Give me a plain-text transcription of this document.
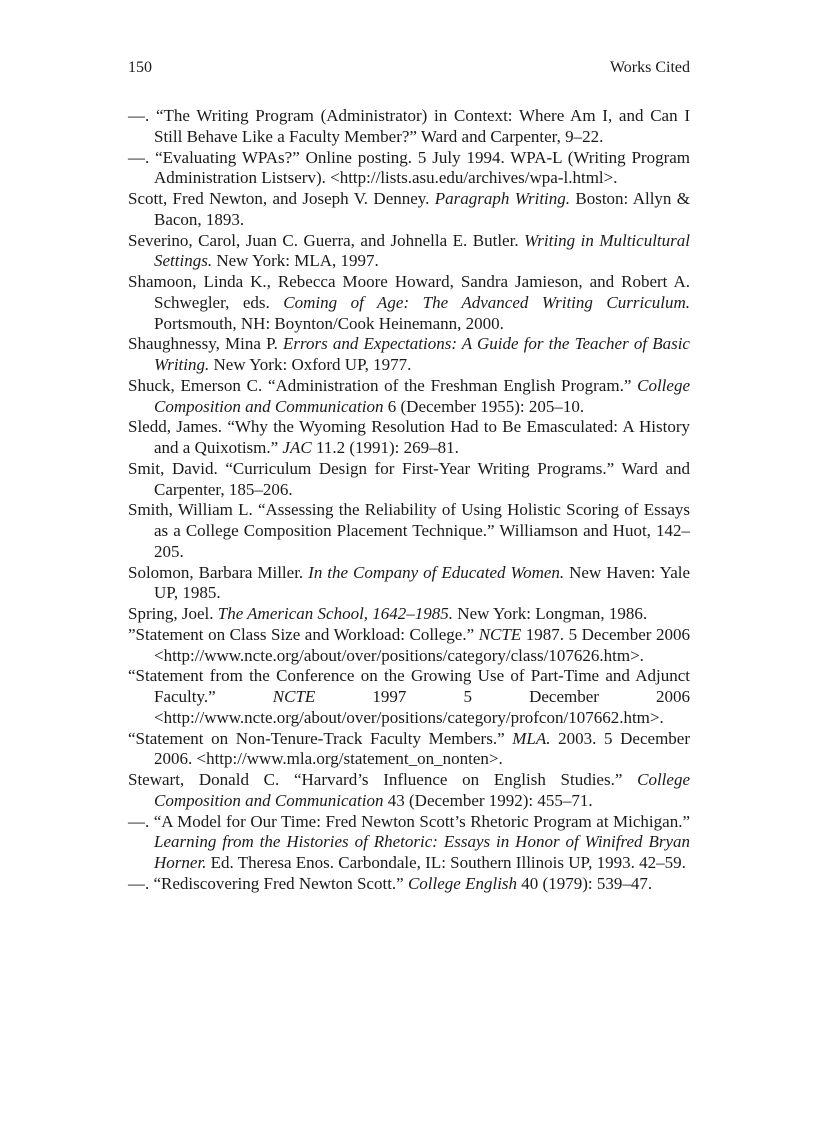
150	Works Cited

—. “The Writing Program (Administrator) in Context: Where Am I, and Can I Still Behave Like a Faculty Member?” Ward and Carpenter, 9–22.

—. “Evaluating WPAs?” Online posting. 5 July 1994. WPA-L (Writing Program Administration Listserv). <http://lists.asu.edu/archives/wpa-l.html>.

Scott, Fred Newton, and Joseph V. Denney. Paragraph Writing. Boston: Allyn & Bacon, 1893.

Severino, Carol, Juan C. Guerra, and Johnella E. Butler. Writing in Multicultural Settings. New York: MLA, 1997.

Shamoon, Linda K., Rebecca Moore Howard, Sandra Jamieson, and Robert A. Schwegler, eds. Coming of Age: The Advanced Writing Curriculum. Portsmouth, NH: Boynton/Cook Heinemann, 2000.

Shaughnessy, Mina P. Errors and Expectations: A Guide for the Teacher of Basic Writing. New York: Oxford UP, 1977.

Shuck, Emerson C. “Administration of the Freshman English Program.” College Composition and Communication 6 (December 1955): 205–10.

Sledd, James. “Why the Wyoming Resolution Had to Be Emasculated: A History and a Quixotism.” JAC 11.2 (1991): 269–81.

Smit, David. “Curriculum Design for First-Year Writing Programs.” Ward and Carpenter, 185–206.

Smith, William L. “Assessing the Reliability of Using Holistic Scoring of Essays as a College Composition Placement Technique.” Williamson and Huot, 142–205.

Solomon, Barbara Miller. In the Company of Educated Women. New Haven: Yale UP, 1985.

Spring, Joel. The American School, 1642–1985. New York: Longman, 1986.

”Statement on Class Size and Workload: College.” NCTE 1987. 5 December 2006 <http://www.ncte.org/about/over/positions/category/class/107626.htm>.

“Statement from the Conference on the Growing Use of Part-Time and Adjunct Faculty.” NCTE 1997 5 December 2006 <http://www.ncte.org/about/over/positions/category/profcon/107662.htm>.

“Statement on Non-Tenure-Track Faculty Members.” MLA. 2003. 5 December 2006. <http://www.mla.org/statement_on_nonten>.

Stewart, Donald C. “Harvard’s Influence on English Studies.” College Composition and Communication 43 (December 1992): 455–71.

—. “A Model for Our Time: Fred Newton Scott’s Rhetoric Program at Michigan.” Learning from the Histories of Rhetoric: Essays in Honor of Winifred Bryan Horner. Ed. Theresa Enos. Carbondale, IL: Southern Illinois UP, 1993. 42–59.

—. “Rediscovering Fred Newton Scott.” College English 40 (1979): 539–47.
